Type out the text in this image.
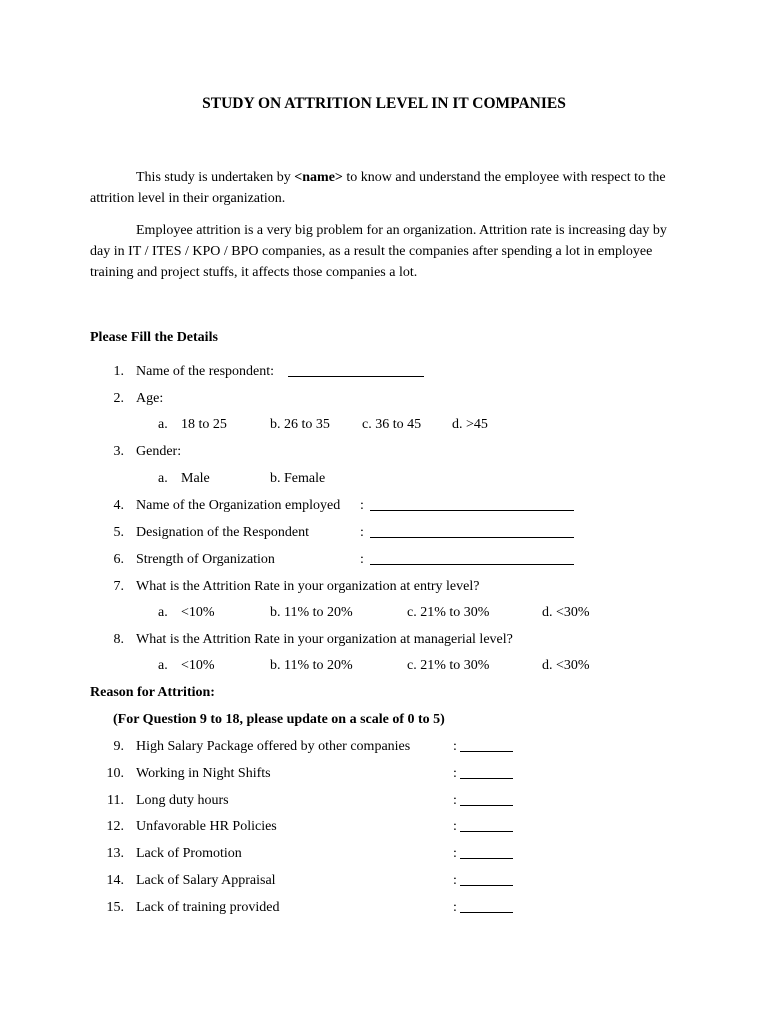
STUDY ON ATTRITION LEVEL IN IT COMPANIES
This study is undertaken by <name> to know and understand the employee with respect to the attrition level in their organization.
Employee attrition is a very big problem for an organization. Attrition rate is increasing day by day in IT / ITES / KPO / BPO companies, as a result the companies after spending a lot in employee training and project stuffs, it affects those companies a lot.
Please Fill the Details
1. Name of the respondent:
2. Age:
a. 18 to 25	b. 26 to 35 c. 36 to 45 d. >45
3. Gender:
a. Male	b. Female
4. Name of the Organization employed :
5. Designation of the Respondent	:
6. Strength of Organization	:
7. What is the Attrition Rate in your organization at entry level?
a. <10%	b. 11% to 20%	c. 21% to 30%	d. <30%
8. What is the Attrition Rate in your organization at managerial level?
a. <10%	b. 11% to 20%	c. 21% to 30%	d. <30%
Reason for Attrition:
(For Question 9 to 18, please update on a scale of 0 to 5)
9. High Salary Package offered by other companies	:
10. Working in Night Shifts	:
11. Long duty hours	:
12. Unfavorable HR Policies	:
13. Lack of Promotion	:
14. Lack of Salary Appraisal	:
15. Lack of training provided	:
